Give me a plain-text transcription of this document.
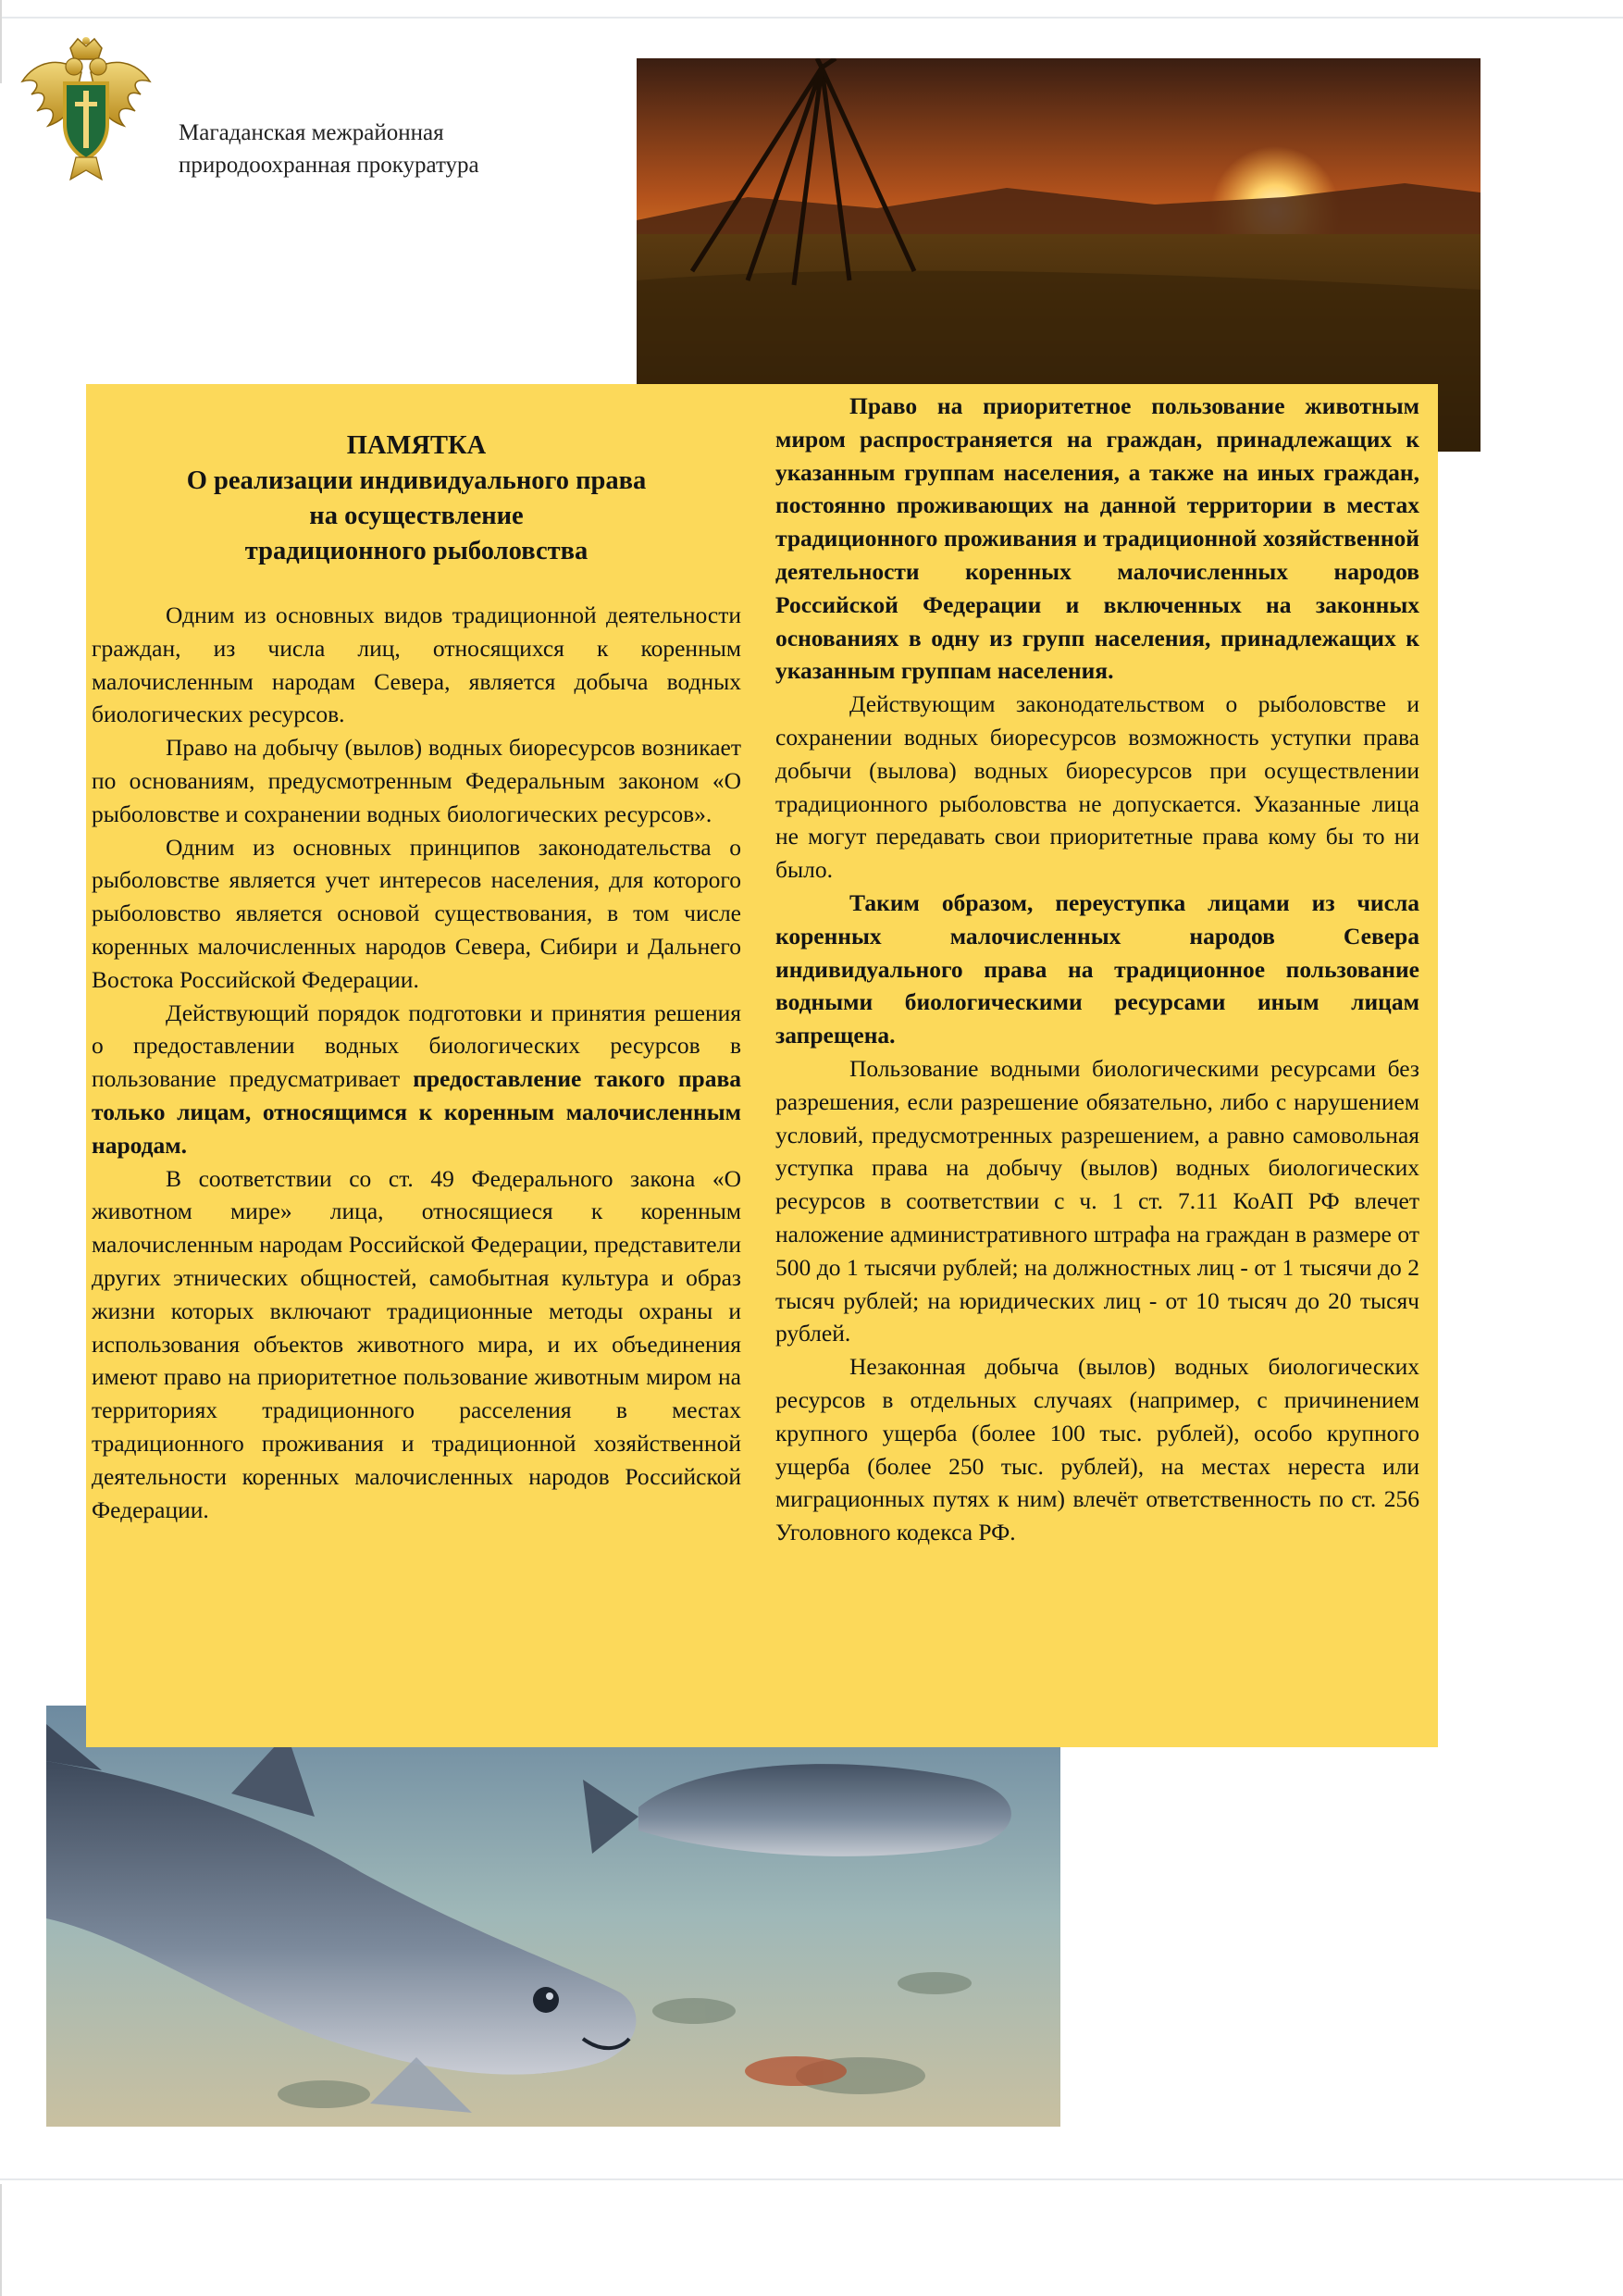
Магаданская межрайонная
природоохранная прокуратура
ПАМЯТКА
О реализации индивидуального права
на осуществление
традиционного рыболовства

Одним из основных видов традиционной деятельности граждан, из числа лиц, относящихся к коренным малочисленным народам Севера, является добыча водных биологических ресурсов.

Право на добычу (вылов) водных биоресурсов возникает по основаниям, предусмотренным Федеральным законом «О рыболовстве и сохранении водных биологических ресурсов».

Одним из основных принципов законодательства о рыболовстве является учет интересов населения, для которого рыболовство является основой существования, в том числе коренных малочисленных народов Севера, Сибири и Дальнего Востока Российской Федерации.

Действующий порядок подготовки и принятия решения о предоставлении водных биологических ресурсов в пользование предусматривает предоставление такого права только лицам, относящимся к коренным малочисленным народам.

В соответствии со ст. 49 Федерального закона «О животном мире» лица, относящиеся к коренным малочисленным народам Российской Федерации, представители других этнических общностей, самобытная культура и образ жизни которых включают традиционные методы охраны и использования объектов животного мира, и их объединения имеют право на приоритетное пользование животным миром на территориях традиционного расселения в местах традиционного проживания и традиционной хозяйственной деятельности коренных малочисленных народов Российской Федерации.

Право на приоритетное пользование животным миром распространяется на граждан, принадлежащих к указанным группам населения, а также на иных граждан, постоянно проживающих на данной территории в местах традиционного проживания и традиционной хозяйственной деятельности коренных малочисленных народов Российской Федерации и включенных на законных основаниях в одну из групп населения, принадлежащих к указанным группам населения.

Действующим законодательством о рыболовстве и сохранении водных биоресурсов возможность уступки права добычи (вылова) водных биоресурсов при осуществлении традиционного рыболовства не допускается. Указанные лица не могут передавать свои приоритетные права кому бы то ни было.

Таким образом, переуступка лицами из числа коренных малочисленных народов Севера индивидуального права на традиционное пользование водными биологическими ресурсами иным лицам запрещена.

Пользование водными биологическими ресурсами без разрешения, если разрешение обязательно, либо с нарушением условий, предусмотренных разрешением, а равно самовольная уступка права на добычу (вылов) водных биологических ресурсов в соответствии с ч. 1 ст. 7.11 КоАП РФ влечет наложение административного штрафа на граждан в размере от 500 до 1 тысячи рублей; на должностных лиц - от 1 тысячи до 2 тысяч рублей; на юридических лиц - от 10 тысяч до 20 тысяч рублей.

Незаконная добыча (вылов) водных биологических ресурсов в отдельных случаях (например, с причинением крупного ущерба (более 100 тыс. рублей), особо крупного ущерба (более 250 тыс. рублей), на местах нереста или миграционных путях к ним) влечёт ответственность по ст. 256 Уголовного кодекса РФ.
